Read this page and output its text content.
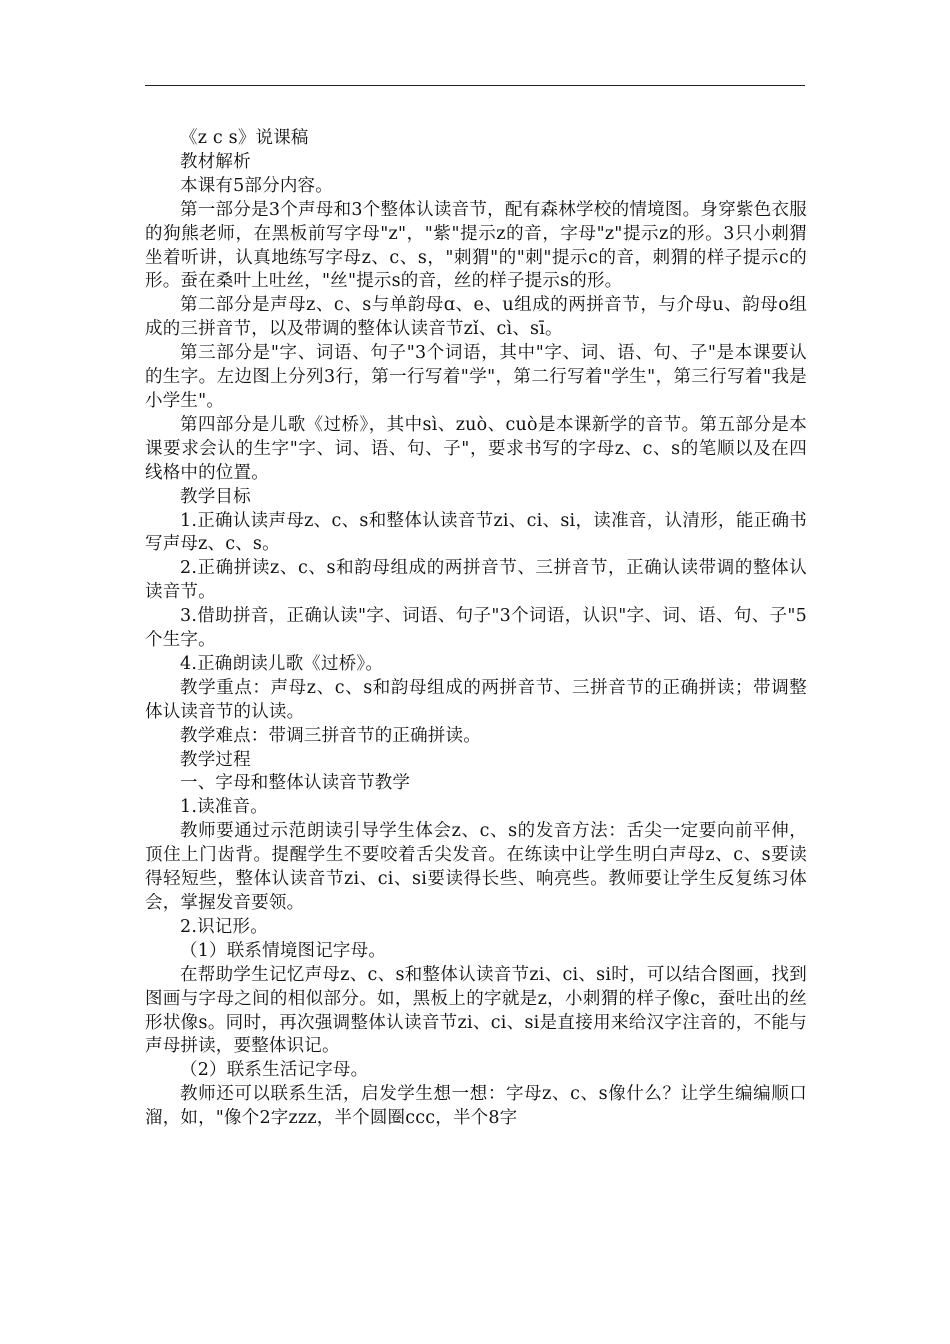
《z c s》说课稿

教材解析

本课有5部分内容。

第一部分是3个声母和3个整体认读音节，配有森林学校的情境图。身穿紫色衣服的狗熊老师，在黑板前写字母"z"，"紫"提示z的音，字母"z"提示z的形。3只小刺猬坐着听讲，认真地练写字母z、c、s，"刺猬"的"刺"提示c的音，刺猬的样子提示c的形。蚕在桑叶上吐丝，"丝"提示s的音，丝的样子提示s的形。

第二部分是声母z、c、s与单韵母ɑ、e、u组成的两拼音节，与介母u、韵母o组成的三拼音节，以及带调的整体认读音节zǐ、cì、sī。

第三部分是"字、词语、句子"3个词语，其中"字、词、语、句、子"是本课要认的生字。左边图上分列3行，第一行写着"学"，第二行写着"学生"，第三行写着"我是小学生"。

第四部分是儿歌《过桥》，其中sì、zuò、cuò是本课新学的音节。第五部分是本课要求会认的生字"字、词、语、句、子"，要求书写的字母z、c、s的笔顺以及在四线格中的位置。

教学目标

1.正确认读声母z、c、s和整体认读音节zi、ci、si，读准音，认清形，能正确书写声母z、c、s。

2.正确拼读z、c、s和韵母组成的两拼音节、三拼音节，正确认读带调的整体认读音节。

3.借助拼音，正确认读"字、词语、句子"3个词语，认识"字、词、语、句、子"5个生字。

4.正确朗读儿歌《过桥》。

教学重点：声母z、c、s和韵母组成的两拼音节、三拼音节的正确拼读；带调整体认读音节的认读。

教学难点：带调三拼音节的正确拼读。

教学过程

一、字母和整体认读音节教学

1.读准音。

教师要通过示范朗读引导学生体会z、c、s的发音方法：舌尖一定要向前平伸，顶住上门齿背。提醒学生不要咬着舌尖发音。在练读中让学生明白声母z、c、s要读得轻短些，整体认读音节zi、ci、si要读得长些、响亮些。教师要让学生反复练习体会，掌握发音要领。

2.识记形。

（1）联系情境图记字母。

在帮助学生记忆声母z、c、s和整体认读音节zi、ci、si时，可以结合图画，找到图画与字母之间的相似部分。如，黑板上的字就是z，小刺猬的样子像c，蚕吐出的丝形状像s。同时，再次强调整体认读音节zi、ci、si是直接用来给汉字注音的，不能与声母拼读，要整体识记。

（2）联系生活记字母。

教师还可以联系生活，启发学生想一想：字母z、c、s像什么？让学生编编顺口溜，如，"像个2字zzz，半个圆圈ccc，半个8字
